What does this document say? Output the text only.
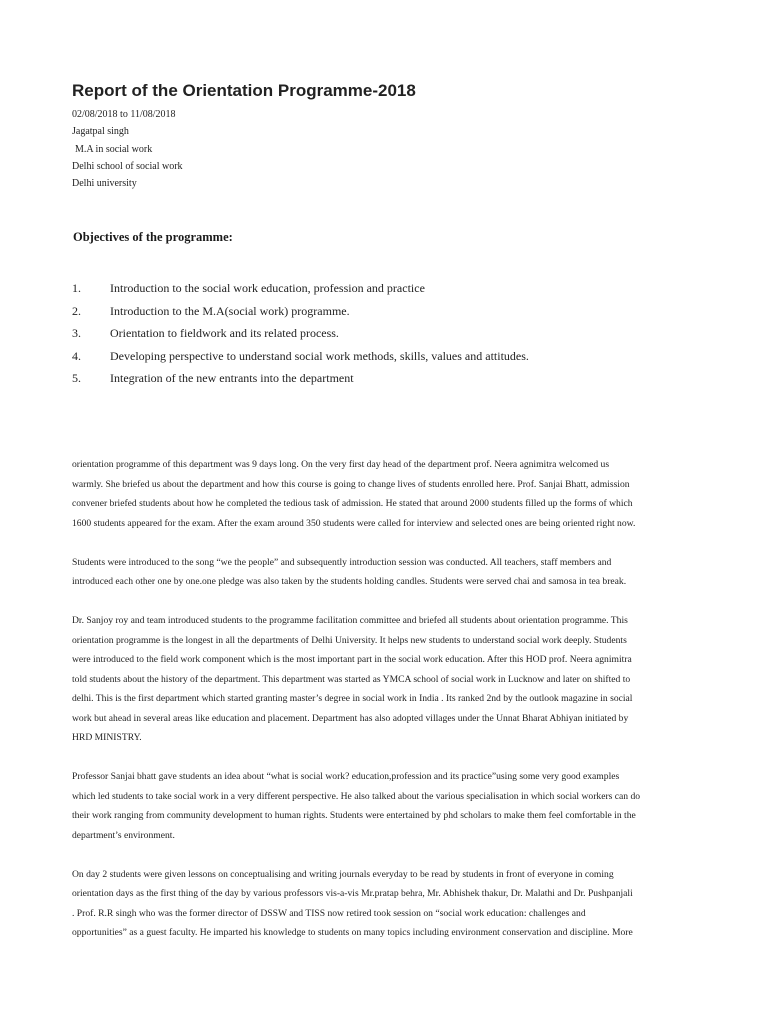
Report of the Orientation Programme-2018
02/08/2018 to 11/08/2018
Jagatpal singh
M.A in social work
Delhi school of social work
Delhi university
Objectives of the programme:
1. Introduction to the social work education, profession and practice
2. Introduction to the M.A(social work) programme.
3. Orientation to fieldwork and its related process.
4. Developing perspective to understand social work methods, skills, values and attitudes.
5. Integration of the new entrants into the department

orientation programme of this department was 9 days long. On the very first day head of the department prof. Neera agnimitra welcomed us
warmly. She briefed us about the department and how this course is going to change lives of students enrolled here. Prof. Sanjai Bhatt, admission
convener briefed students about how he completed the tedious task of admission. He stated that around 2000 students filled up the forms of which
1600 students appeared for the exam. After the exam around 350 students were called for interview and selected ones are being oriented right now.

Students were introduced to the song “we the people” and subsequently introduction session was conducted. All teachers, staff members and
introduced each other one by one.one pledge was also taken by the students holding candles. Students were served chai and samosa in tea break.

Dr. Sanjoy roy and team introduced students to the programme facilitation committee and briefed all students about orientation programme. This
orientation programme is the longest in all the departments of Delhi University. It helps new students to understand social work deeply. Students
were introduced to the field work component which is the most important part in the social work education. After this HOD prof. Neera agnimitra
told students about the history of the department. This department was started as YMCA school of social work in Lucknow and later on shifted to
delhi. This is the first department which started granting master’s degree in social work in India . Its ranked 2nd by the outlook magazine in social
work but ahead in several areas like education and placement. Department has also adopted villages under the Unnat Bharat Abhiyan initiated by
HRD MINISTRY.

Professor Sanjai bhatt gave students an idea about “what is social work? education,profession and its practice”using some very good examples
which led students to take social work in a very different perspective. He also talked about the various specialisation in which social workers can do
their work ranging from community development to human rights. Students were entertained by phd scholars to make them feel comfortable in the
department’s environment.

On day 2 students were given lessons on conceptualising and writing journals everyday to be read by students in front of everyone in coming
orientation days as the first thing of the day by various professors vis-a-vis Mr.pratap behra, Mr. Abhishek thakur, Dr. Malathi and Dr. Pushpanjali
. Prof. R.R singh who was the former director of DSSW and TISS now retired took session on “social work education: challenges and
opportunities” as a guest faculty. He imparted his knowledge to students on many topics including environment conservation and discipline. More
